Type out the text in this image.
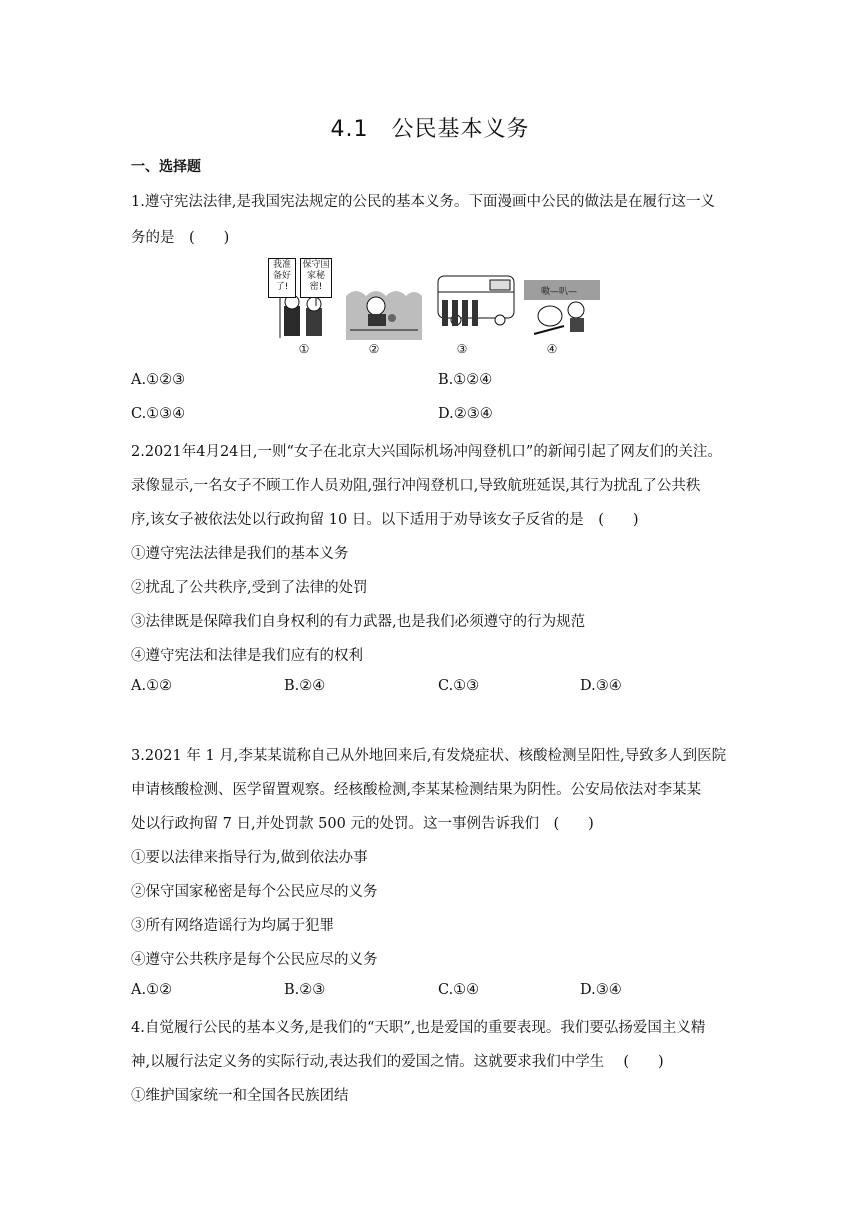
4.1　公民基本义务
一、选择题
1.遵守宪法法律,是我国宪法规定的公民的基本义务。下面漫画中公民的做法是在履行这一义
务的是　(　　)
我准备好了!
保守国家秘密!	嗷—叭—
①	②	③	④
A.①②③	B.①②④
C.①③④	D.②③④
2.2021年4月24日,一则“女子在北京大兴国际机场冲闯登机口”的新闻引起了网友们的关注。
录像显示,一名女子不顾工作人员劝阻,强行冲闯登机口,导致航班延误,其行为扰乱了公共秩
序,该女子被依法处以行政拘留 10 日。以下适用于劝导该女子反省的是　(　　)
①遵守宪法法律是我们的基本义务
②扰乱了公共秩序,受到了法律的处罚
③法律既是保障我们自身权利的有力武器,也是我们必须遵守的行为规范
④遵守宪法和法律是我们应有的权利
A.①②	B.②④	C.①③	D.③④
3.2021 年 1 月,李某某谎称自己从外地回来后,有发烧症状、核酸检测呈阳性,导致多人到医院
申请核酸检测、医学留置观察。经核酸检测,李某某检测结果为阴性。公安局依法对李某某
处以行政拘留 7 日,并处罚款 500 元的处罚。这一事例告诉我们　(　　)
①要以法律来指导行为,做到依法办事
②保守国家秘密是每个公民应尽的义务
③所有网络造谣行为均属于犯罪
④遵守公共秩序是每个公民应尽的义务
A.①②	B.②③	C.①④	D.③④
4.自觉履行公民的基本义务,是我们的“天职”,也是爱国的重要表现。我们要弘扬爱国主义精
神,以履行法定义务的实际行动,表达我们的爱国之情。这就要求我们中学生　 (　　)
①维护国家统一和全国各民族团结
